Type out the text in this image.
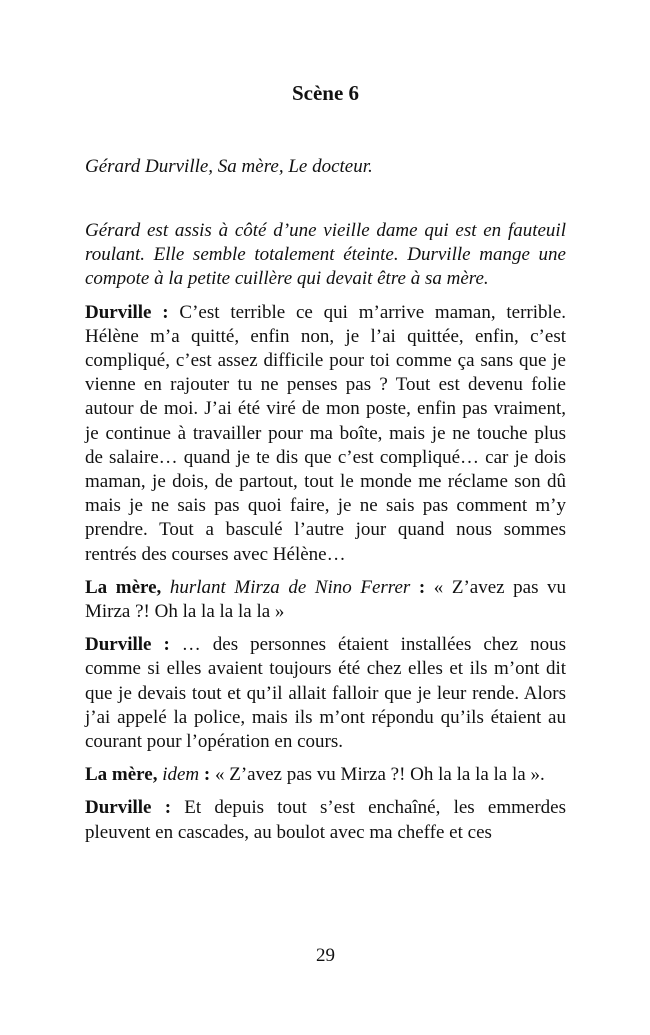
Scène 6
Gérard Durville, Sa mère, Le docteur.

Gérard est assis à côté d’une vieille dame qui est en fauteuil roulant. Elle semble totalement éteinte. Durville mange une compote à la petite cuillère qui devait être à sa mère.

Durville : C’est terrible ce qui m’arrive maman, terrible. Hélène m’a quitté, enfin non, je l’ai quittée, enfin, c’est compliqué, c’est assez difficile pour toi comme ça sans que je vienne en rajouter tu ne penses pas ? Tout est devenu folie autour de moi. J’ai été viré de mon poste, enfin pas vraiment, je continue à travailler pour ma boîte, mais je ne touche plus de salaire… quand je te dis que c’est compliqué… car je dois maman, je dois, de partout, tout le monde me réclame son dû mais je ne sais pas quoi faire, je ne sais pas comment m’y prendre. Tout a basculé l’autre jour quand nous sommes rentrés des courses avec Hélène…

La mère, hurlant Mirza de Nino Ferrer : « Z’avez pas vu Mirza ?! Oh la la la la la »

Durville : … des personnes étaient installées chez nous comme si elles avaient toujours été chez elles et ils m’ont dit que je devais tout et qu’il allait falloir que je leur rende. Alors j’ai appelé la police, mais ils m’ont répondu qu’ils étaient au courant pour l’opération en cours.

La mère, idem : « Z’avez pas vu Mirza ?! Oh la la la la la ».

Durville : Et depuis tout s’est enchaîné, les emmerdes pleuvent en cascades, au boulot avec ma cheffe et ces

29
